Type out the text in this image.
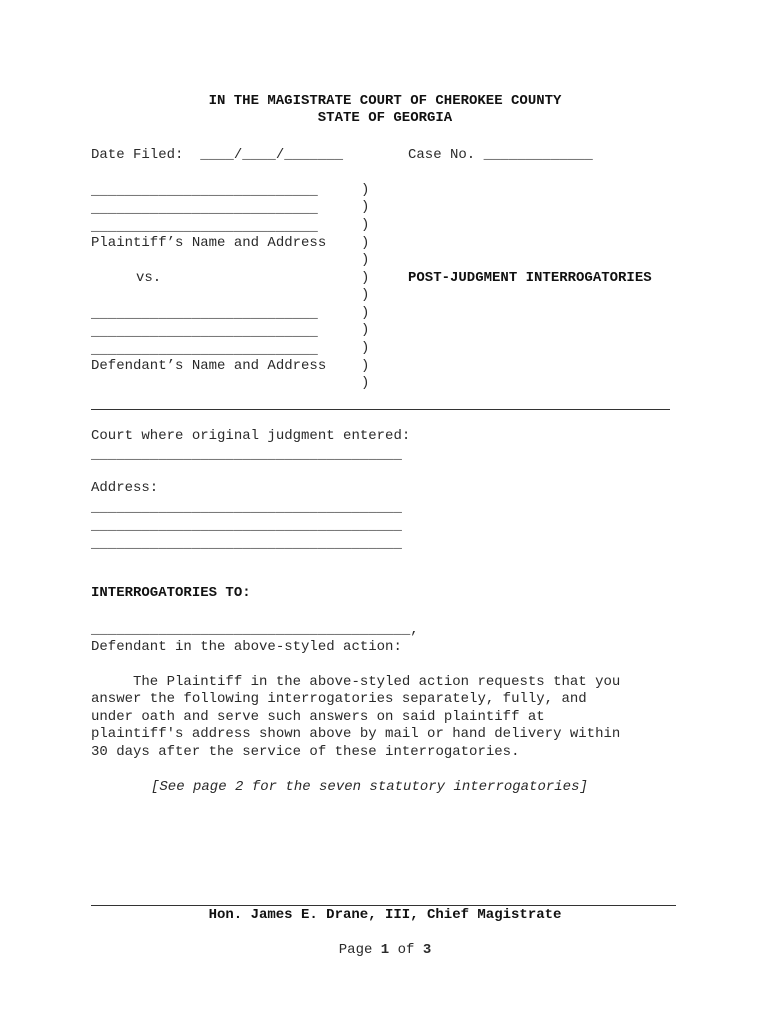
IN THE MAGISTRATE COURT OF CHEROKEE COUNTY
STATE OF GEORGIA
Date Filed:  ____/____/_______	Case No. _____________
___________________________
___________________________
___________________________
Plaintiff’s Name and Address
vs.
___________________________
___________________________
___________________________
Defendant’s Name and Address
)
)
)
)
)
)
)
)
)
)
)
)
POST-JUDGMENT INTERROGATORIES
Court where original judgment entered:
_____________________________________
Address:
_____________________________________
_____________________________________
_____________________________________
INTERROGATORIES TO:
______________________________________,
Defendant in the above-styled action:
The Plaintiff in the above-styled action requests that you
answer the following interrogatories separately, fully, and
under oath and serve such answers on said plaintiff at
plaintiff's address shown above by mail or hand delivery within
30 days after the service of these interrogatories.
[See page 2 for the seven statutory interrogatories]
Hon. James E. Drane, III, Chief Magistrate
Page 1 of 3
